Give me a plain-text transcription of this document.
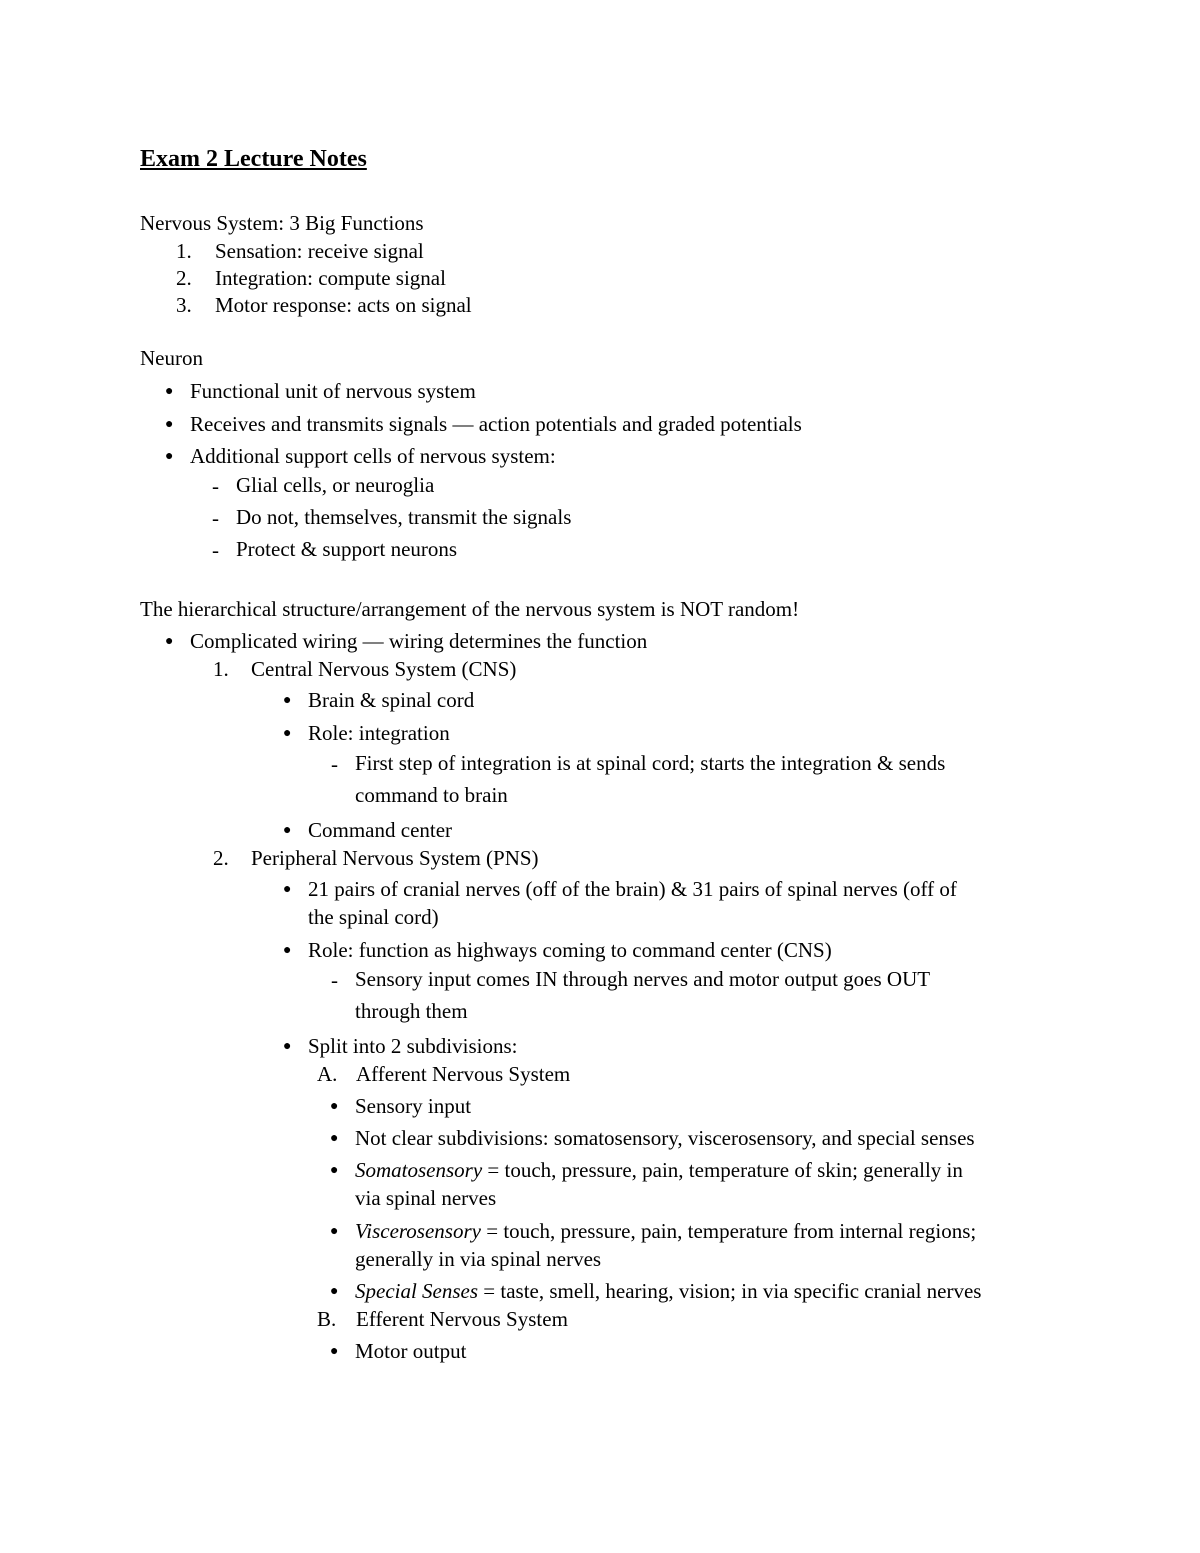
Exam 2 Lecture Notes
Nervous System: 3 Big Functions
1. Sensation: receive signal
2. Integration: compute signal
3. Motor response: acts on signal
Neuron
● Functional unit of nervous system
● Receives and transmits signals — action potentials and graded potentials
● Additional support cells of nervous system:
- Glial cells, or neuroglia
- Do not, themselves, transmit the signals
- Protect & support neurons
The hierarchical structure/arrangement of the nervous system is NOT random!
● Complicated wiring — wiring determines the function
1. Central Nervous System (CNS)
● Brain & spinal cord
● Role: integration
- First step of integration is at spinal cord; starts the integration & sends
command to brain
● Command center
2. Peripheral Nervous System (PNS)
● 21 pairs of cranial nerves (off of the brain) & 31 pairs of spinal nerves (off of
the spinal cord)
● Role: function as highways coming to command center (CNS)
- Sensory input comes IN through nerves and motor output goes OUT
through them
● Split into 2 subdivisions:
A. Afferent Nervous System
● Sensory input
● Not clear subdivisions: somatosensory, viscerosensory, and special senses
● Somatosensory = touch, pressure, pain, temperature of skin; generally in
via spinal nerves
● Viscerosensory = touch, pressure, pain, temperature from internal regions;
generally in via spinal nerves
● Special Senses = taste, smell, hearing, vision; in via specific cranial nerves
B. Efferent Nervous System
● Motor output
